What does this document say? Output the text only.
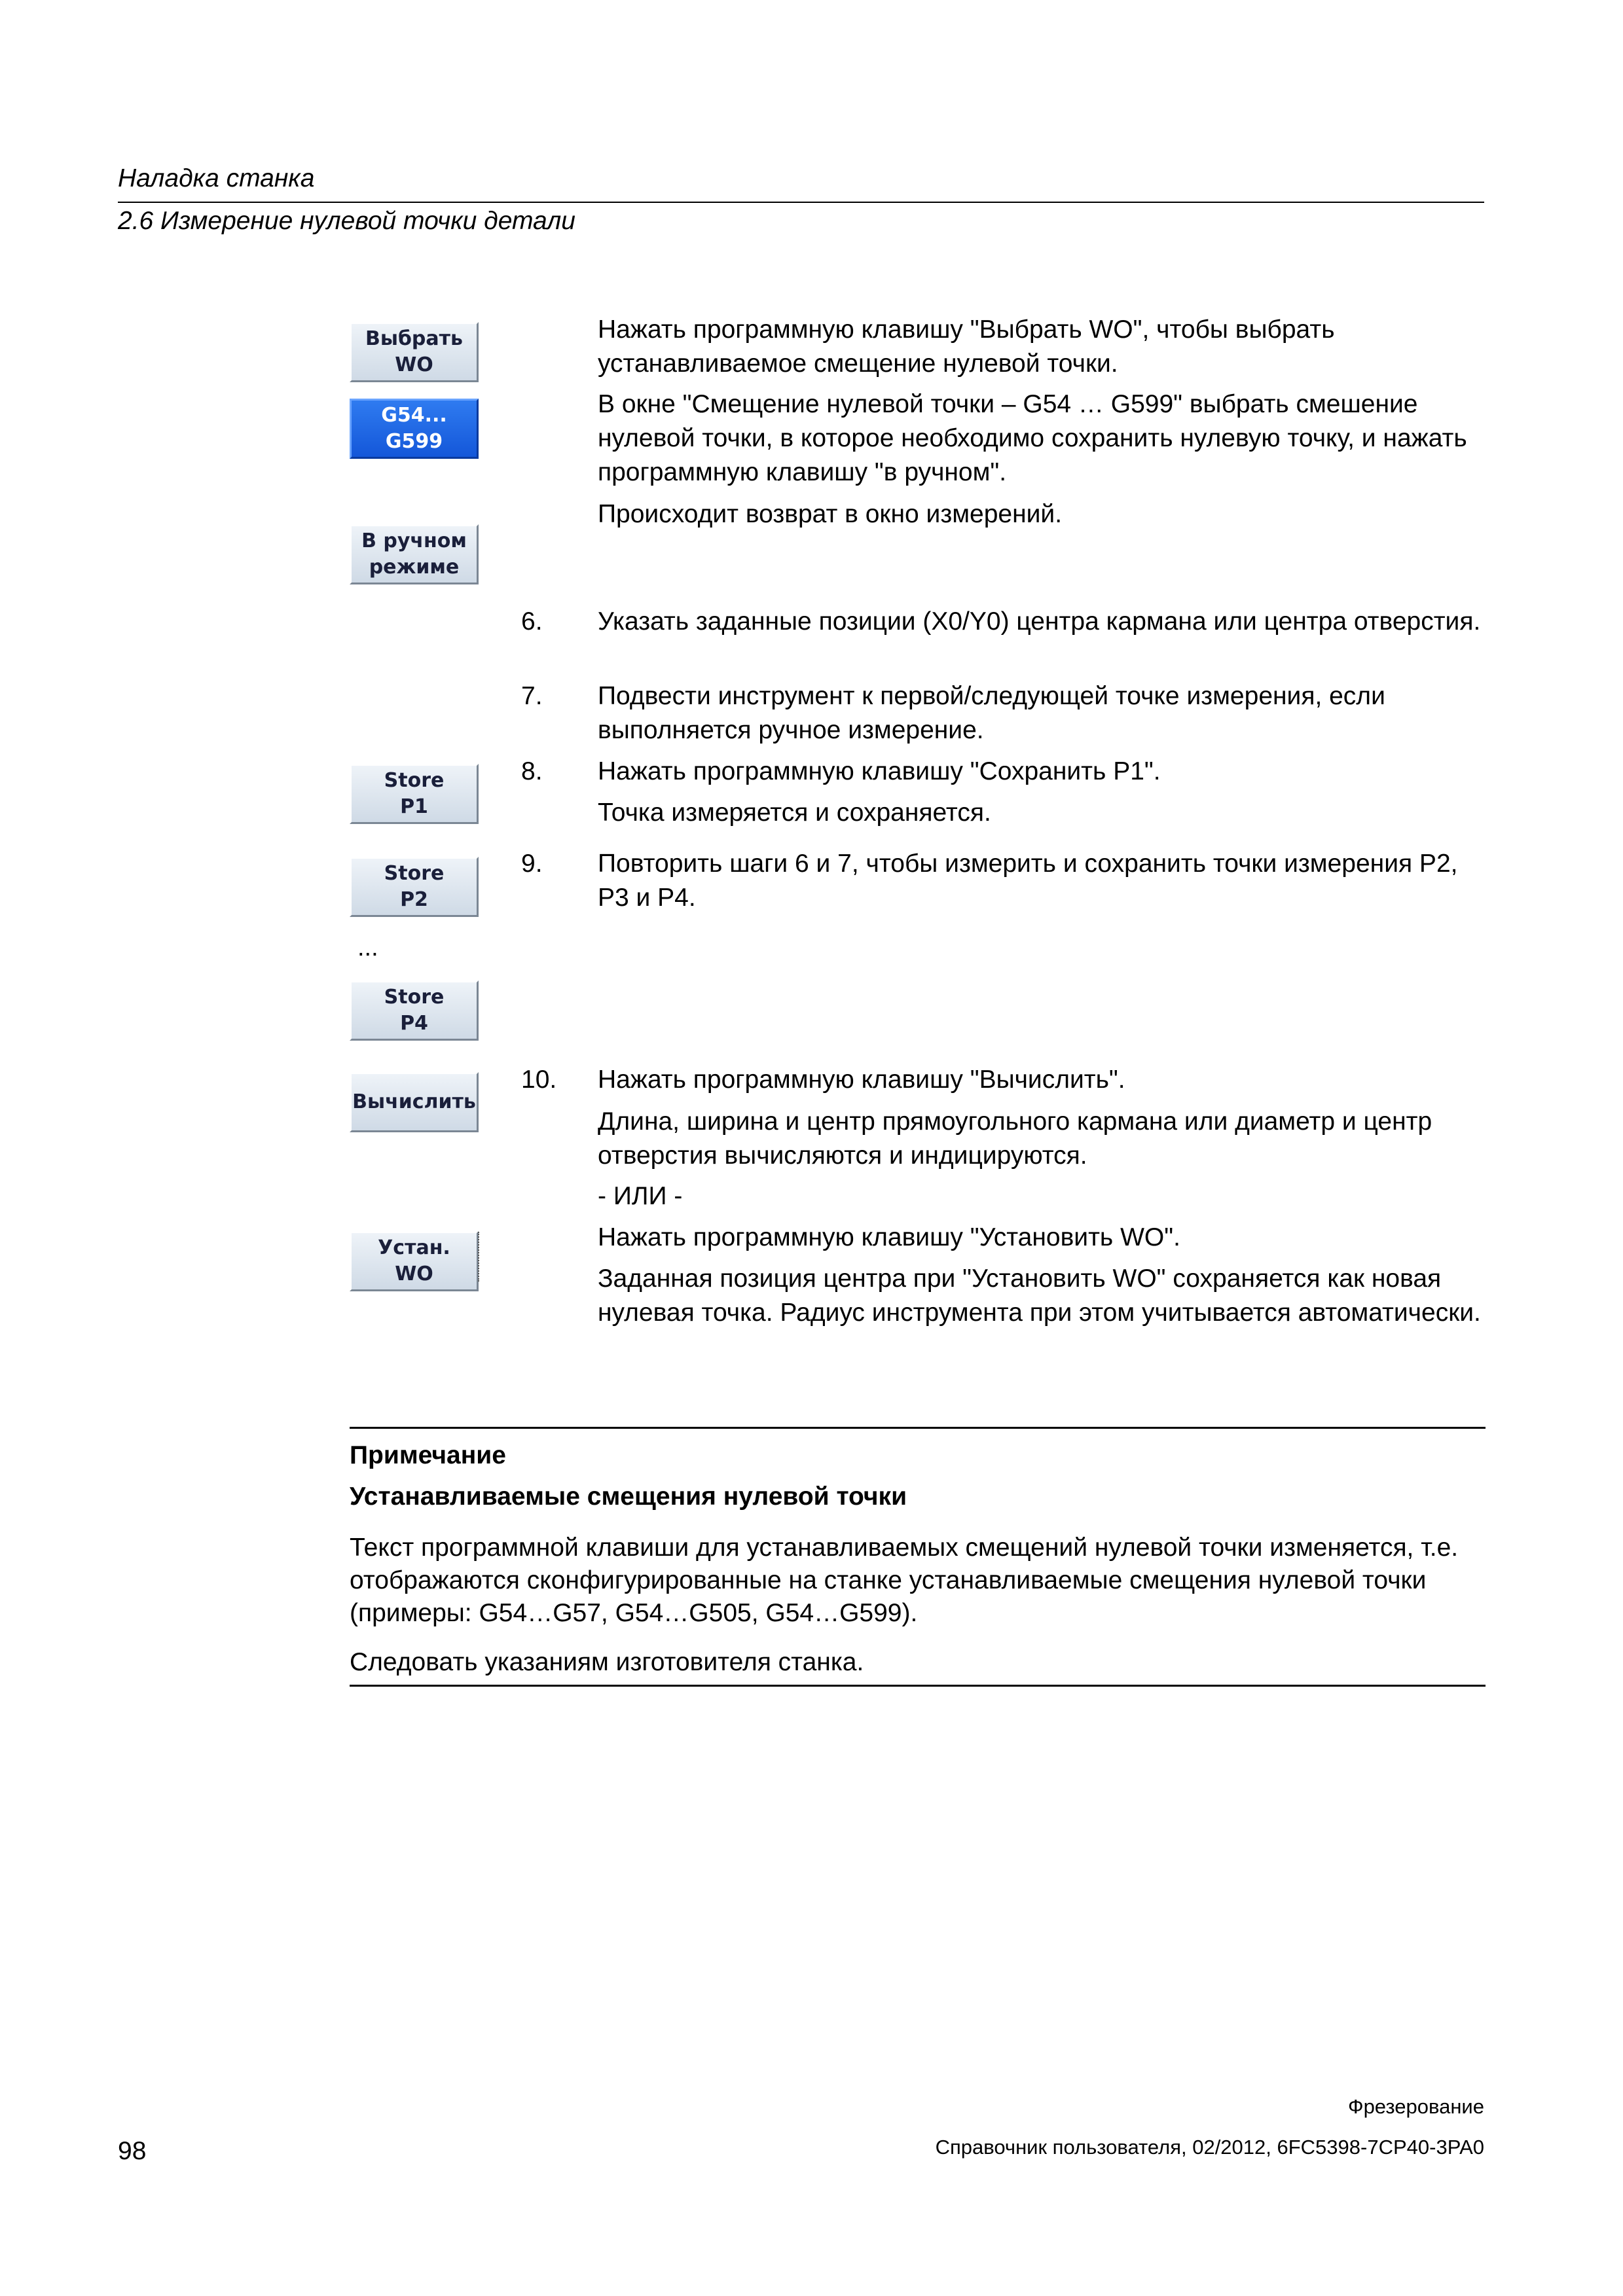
Наладка станка
2.6 Измерение нулевой точки детали
Выбрать
WO
G54...
G599
В ручном
режиме
Store
P1
Store
P2
...
Store
P4
Вычислить
Устан.
WO
Нажать программную клавишу "Выбрать WO", чтобы выбрать устанавливаемое смещение нулевой точки.
В окне "Смещение нулевой точки – G54 … G599" выбрать смешение нулевой точки, в которое необходимо сохранить нулевую точку, и нажать программную клавишу "в ручном".
Происходит возврат в окно измерений.
6. Указать заданные позиции (X0/Y0) центра кармана или центра отверстия.
7. Подвести инструмент к первой/следующей точке измерения, если выполняется ручное измерение.
8. Нажать программную клавишу "Сохранить P1".
Точка измеряется и сохраняется.
9. Повторить шаги 6 и 7, чтобы измерить и сохранить точки измерения P2, P3 и P4.
10. Нажать программную клавишу "Вычислить".
Длина, ширина и центр прямоугольного кармана или диаметр и центр отверстия вычисляются и индицируются.
- ИЛИ -
Нажать программную клавишу "Установить WO".
Заданная позиция центра при "Установить WO" сохраняется как новая нулевая точка. Радиус инструмента при этом учитывается автоматически.
Примечание
Устанавливаемые смещения нулевой точки
Текст программной клавиши для устанавливаемых смещений нулевой точки изменяется, т.е. отображаются сконфигурированные на станке устанавливаемые смещения нулевой точки (примеры: G54…G57, G54…G505, G54…G599).
Следовать указаниям изготовителя станка.
98
Фрезерование
Справочник пользователя, 02/2012, 6FC5398-7CP40-3PA0
